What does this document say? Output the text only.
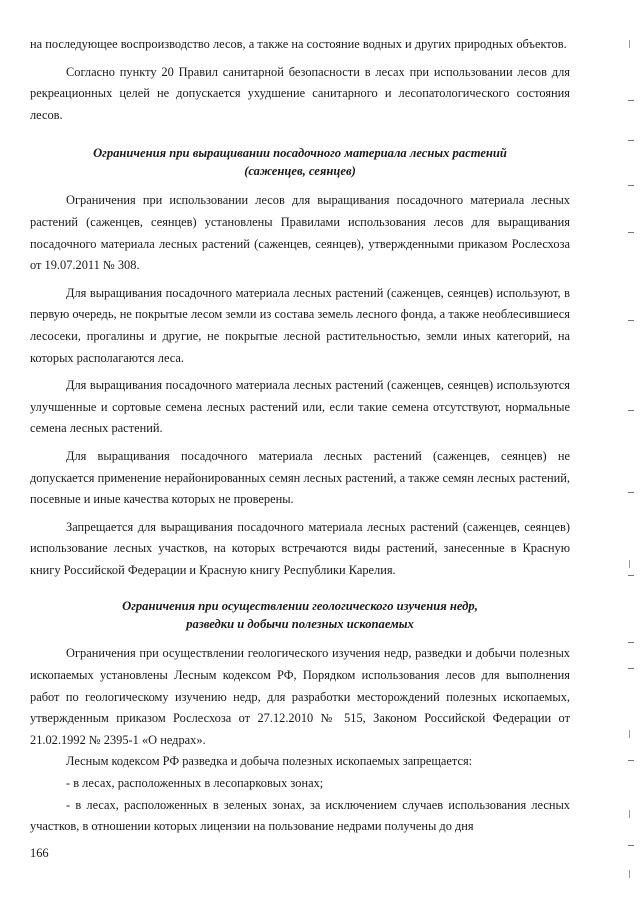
на последующее воспроизводство лесов, а также на состояние водных и других природных объектов.

Согласно пункту 20 Правил санитарной безопасности в лесах при использовании лесов для рекреационных целей не допускается ухудшение санитарного и лесопатологического состояния лесов.

Ограничения при выращивании посадочного материала лесных растений
(саженцев, сеянцев)

Ограничения при использовании лесов для выращивания посадочного материала лесных растений (саженцев, сеянцев) установлены Правилами использования лесов для выращивания посадочного материала лесных растений (саженцев, сеянцев), утвержденными приказом Рослесхоза от 19.07.2011 № 308.

Для выращивания посадочного материала лесных растений (саженцев, сеянцев) используют, в первую очередь, не покрытые лесом земли из состава земель лесного фонда, а также необлесившиеся лесосеки, прогалины и другие, не покрытые лесной растительностью, земли иных категорий, на которых располагаются леса.

Для выращивания посадочного материала лесных растений (саженцев, сеянцев) используются улучшенные и сортовые семена лесных растений или, если такие семена отсутствуют, нормальные семена лесных растений.

Для выращивания посадочного материала лесных растений (саженцев, сеянцев) не допускается применение нерайонированных семян лесных растений, а также семян лесных растений, посевные и иные качества которых не проверены.

Запрещается для выращивания посадочного материала лесных растений (саженцев, сеянцев) использование лесных участков, на которых встречаются виды растений, занесенные в Красную книгу Российской Федерации и Красную книгу Республики Карелия.

Ограничения при осуществлении геологического изучения недр,
разведки и добычи полезных ископаемых

Ограничения при осуществлении геологического изучения недр, разведки и добычи полезных ископаемых установлены Лесным кодексом РФ, Порядком использования лесов для выполнения работ по геологическому изучению недр, для разработки месторождений полезных ископаемых, утвержденным приказом Рослесхоза от 27.12.2010 № 515, Законом Российской Федерации от 21.02.1992 № 2395-1 «О недрах».

Лесным кодексом РФ разведка и добыча полезных ископаемых запрещается:

- в лесах, расположенных в лесопарковых зонах;

- в лесах, расположенных в зеленых зонах, за исключением случаев использования лесных участков, в отношении которых лицензии на пользование недрами получены до дня

166
